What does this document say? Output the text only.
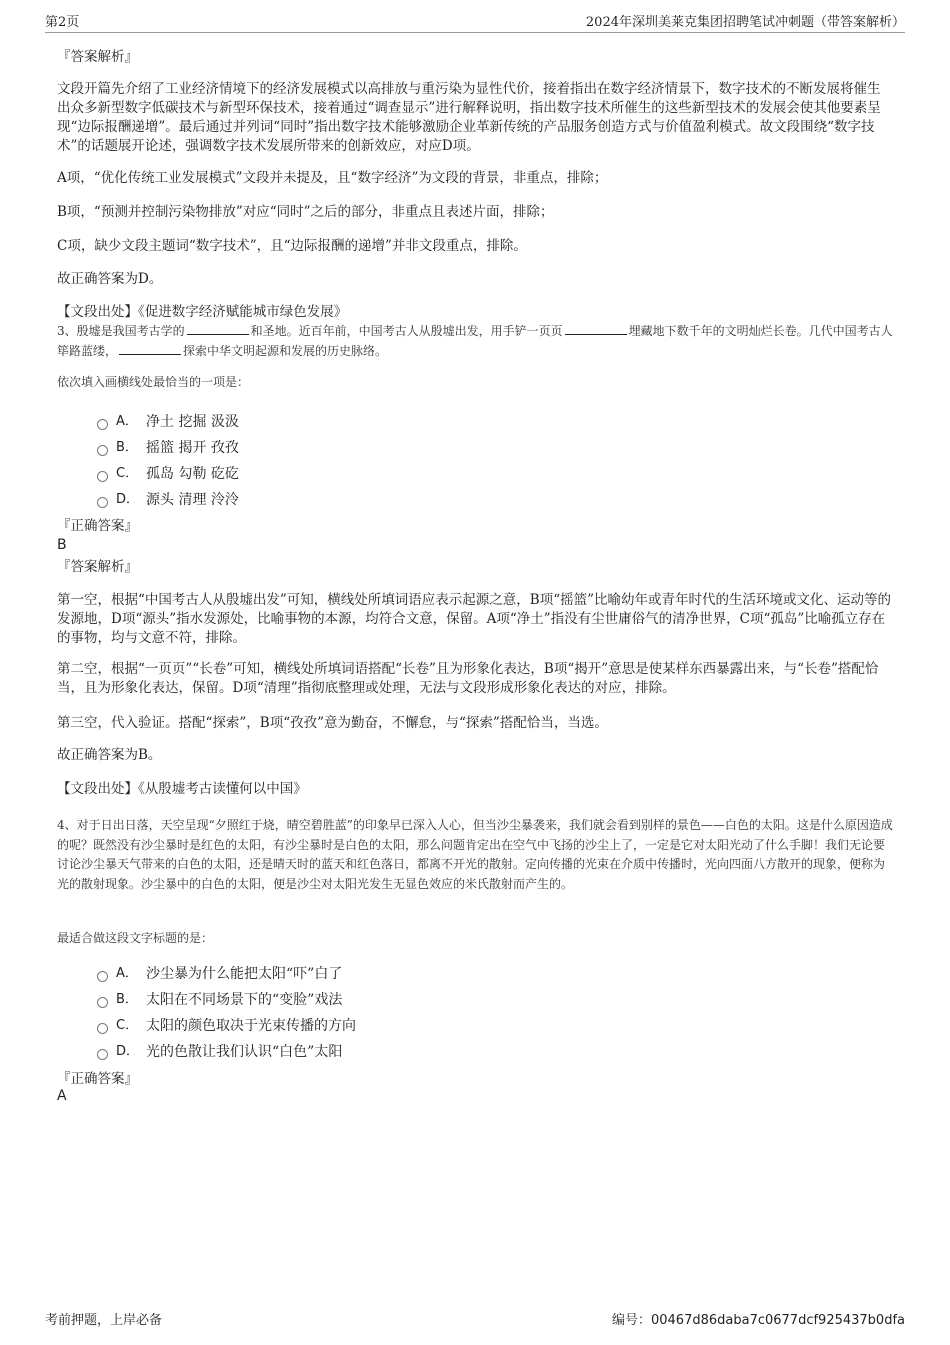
第2页	2024年深圳美莱克集团招聘笔试冲刺题（带答案解析）
『答案解析』

文段开篇先介绍了工业经济情境下的经济发展模式以高排放与重污染为显性代价，接着指出在数字经济情景下，数字技术的不断发展将催生出众多新型数字低碳技术与新型环保技术，接着通过“调查显示”进行解释说明，指出数字技术所催生的这些新型技术的发展会使其他要素呈现“边际报酬递增”。最后通过并列词“同时”指出数字技术能够激励企业革新传统的产品服务创造方式与价值盈利模式。故文段围绕“数字技术”的话题展开论述，强调数字技术发展所带来的创新效应，对应D项。

A项，“优化传统工业发展模式”文段并未提及，且“数字经济”为文段的背景，非重点，排除；

B项，“预测并控制污染物排放”对应“同时”之后的部分，非重点且表述片面，排除；

C项，缺少文段主题词“数字技术”，且“边际报酬的递增”并非文段重点，排除。

故正确答案为D。

【文段出处】《促进数字经济赋能城市绿色发展》

3、殷墟是我国考古学的	和圣地。近百年前，中国考古人从殷墟出发，用手铲一页页	埋藏地下数千年的文明灿烂长卷。几代中国考古人筚路蓝缕，	探索中华文明起源和发展的历史脉络。

依次填入画横线处最恰当的一项是：
A． 净土 挖掘 汲汲
B． 摇篮 揭开 孜孜
C． 孤岛 勾勒 矻矻
D． 源头 清理 泠泠
『正确答案』
B
『答案解析』

第一空，根据“中国考古人从殷墟出发”可知，横线处所填词语应表示起源之意，B项“摇篮”比喻幼年或青年时代的生活环境或文化、运动等的发源地，D项“源头”指水发源处，比喻事物的本源，均符合文意，保留。A项“净土”指没有尘世庸俗气的清净世界，C项“孤岛”比喻孤立存在的事物，均与文意不符，排除。

第二空，根据“一页页”“长卷”可知，横线处所填词语搭配“长卷”且为形象化表达，B项“揭开”意思是使某样东西暴露出来，与“长卷”搭配恰当，且为形象化表达，保留。D项“清理”指彻底整理或处理，无法与文段形成形象化表达的对应，排除。

第三空，代入验证。搭配“探索”，B项“孜孜”意为勤奋，不懈怠，与“探索”搭配恰当，当选。

故正确答案为B。

【文段出处】《从殷墟考古读懂何以中国》

4、对于日出日落，天空呈现“夕照红于烧，晴空碧胜蓝”的印象早已深入人心，但当沙尘暴袭来，我们就会看到别样的景色——白色的太阳。这是什么原因造成的呢？既然没有沙尘暴时是红色的太阳，有沙尘暴时是白色的太阳，那么问题肯定出在空气中飞扬的沙尘上了，一定是它对太阳光动了什么手脚！我们无论要讨论沙尘暴天气带来的白色的太阳，还是晴天时的蓝天和红色落日，都离不开光的散射。定向传播的光束在介质中传播时，光向四面八方散开的现象，便称为光的散射现象。沙尘暴中的白色的太阳，便是沙尘对太阳光发生无显色效应的米氏散射而产生的。

最适合做这段文字标题的是：
A． 沙尘暴为什么能把太阳“吓”白了
B． 太阳在不同场景下的“变脸”戏法
C． 太阳的颜色取决于光束传播的方向
D． 光的色散让我们认识“白色”太阳
『正确答案』
A
考前押题，上岸必备	编号：00467d86daba7c0677dcf925437b0dfa
